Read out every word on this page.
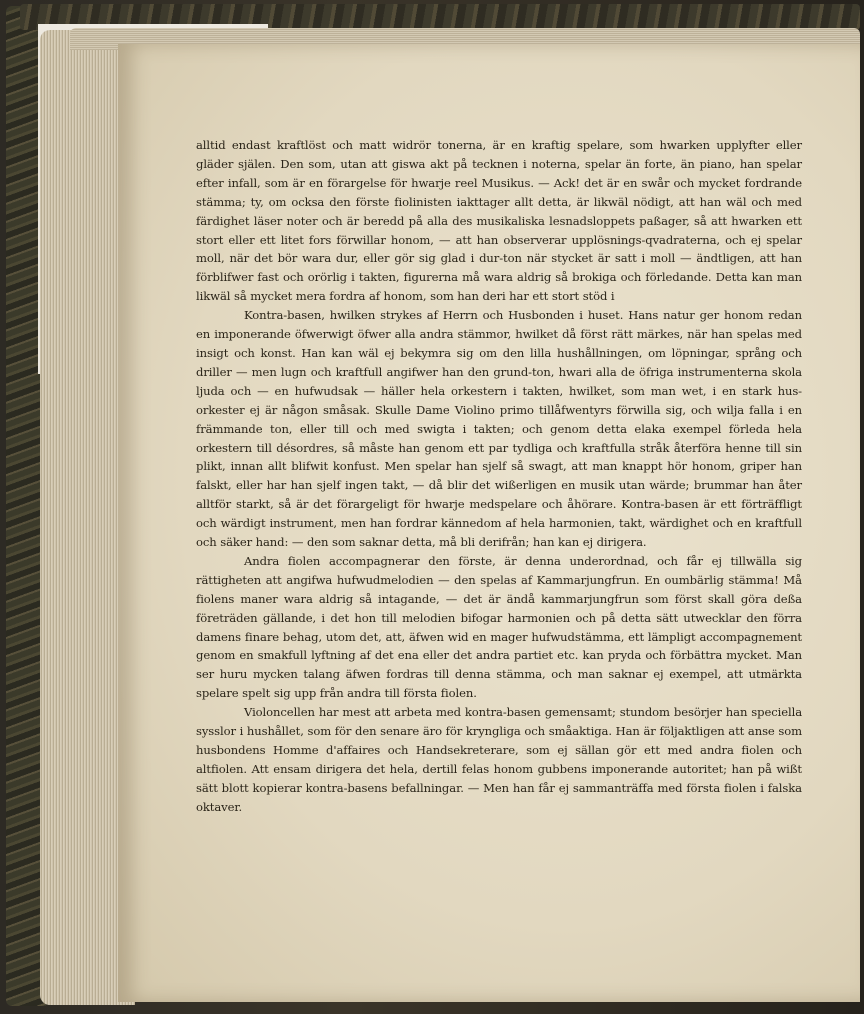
alltid endast kraftlöst och matt widrör tonerna, är en kraftig spelare, som hwarken upplyfter eller gläder själen. Den som, utan att giswa akt på tecknen i noterna, spelar än forte, än piano, han spelar efter infall, som är en förargelse för hwarje reel Musikus. — Ack! det är en swår och mycket fordrande stämma; ty, om ocksa den förste fiolinisten iakttager allt detta, är likwäl nödigt, att han wäl och med färdighet läser noter och är beredd på alla des musikaliska lesnadsloppets paßager, så att hwarken ett stort eller ett litet fors förwillar honom, — att han observerar upplösnings-qvadraterna, och ej spelar moll, när det bör wara dur, eller gör sig glad i dur-ton när stycket är satt i moll — ändtligen, att han förblifwer fast och orörlig i takten, figurerna må wara aldrig så brokiga och förledande. Detta kan man likwäl så mycket mera fordra af honom, som han deri har ett stort stöd i

Kontra-basen, hwilken strykes af Herrn och Husbonden i huset. Hans natur ger honom redan en imponerande öfwerwigt öfwer alla andra stämmor, hwilket då först rätt märkes, när han spelas med insigt och konst. Han kan wäl ej bekymra sig om den lilla hushållningen, om löpningar, språng och driller — men lugn och kraftfull angifwer han den grund-ton, hwari alla de öfriga instrumenterna skola ljuda och — en hufwudsak — häller hela orkestern i takten, hwilket, som man wet, i en stark hus-orkester ej är någon småsak. Skulle Dame Violino primo tillåfwentyrs förwilla sig, och wilja falla i en främmande ton, eller till och med swigta i takten; och genom detta elaka exempel förleda hela orkestern till désordres, så måste han genom ett par tydliga och kraftfulla stråk återföra henne till sin plikt, innan allt blifwit konfust. Men spelar han sjelf så swagt, att man knappt hör honom, griper han falskt, eller har han sjelf ingen takt, — då blir det wißerligen en musik utan wärde; brummar han åter alltför starkt, så är det förargeligt för hwarje medspelare och åhörare. Kontra-basen är ett förträffligt och wärdigt instrument, men han fordrar kännedom af hela harmonien, takt, wärdighet och en kraftfull och säker hand: — den som saknar detta, må bli derifrån; han kan ej dirigera.

Andra fiolen accompagnerar den förste, är denna underordnad, och får ej tillwälla sig rättigheten att angifwa hufwudmelodien — den spelas af Kammarjungfrun. En oumbärlig stämma! Må fiolens maner wara aldrig så intagande, — det är ändå kammarjungfrun som först skall göra deßa företräden gällande, i det hon till melodien bifogar harmonien och på detta sätt utwecklar den förra damens finare behag, utom det, att, äfwen wid en mager hufwudstämma, ett lämpligt accompagnement genom en smakfull lyftning af det ena eller det andra partiet etc. kan pryda och förbättra mycket. Man ser huru mycken talang äfwen fordras till denna stämma, och man saknar ej exempel, att utmärkta spelare spelt sig upp från andra till första fiolen.

Violoncellen har mest att arbeta med kontra-basen gemensamt; stundom besörjer han speciella sysslor i hushållet, som för den senare äro för kryngliga och småaktiga. Han är följaktligen att anse som husbondens Homme d'affaires och Handsekreterare, som ej sällan gör ett med andra fiolen och altfiolen. Att ensam dirigera det hela, dertill felas honom gubbens imponerande autoritet; han på wißt sätt blott kopierar kontra-basens befallningar. — Men han får ej sammanträffa med första fiolen i falska oktaver.
